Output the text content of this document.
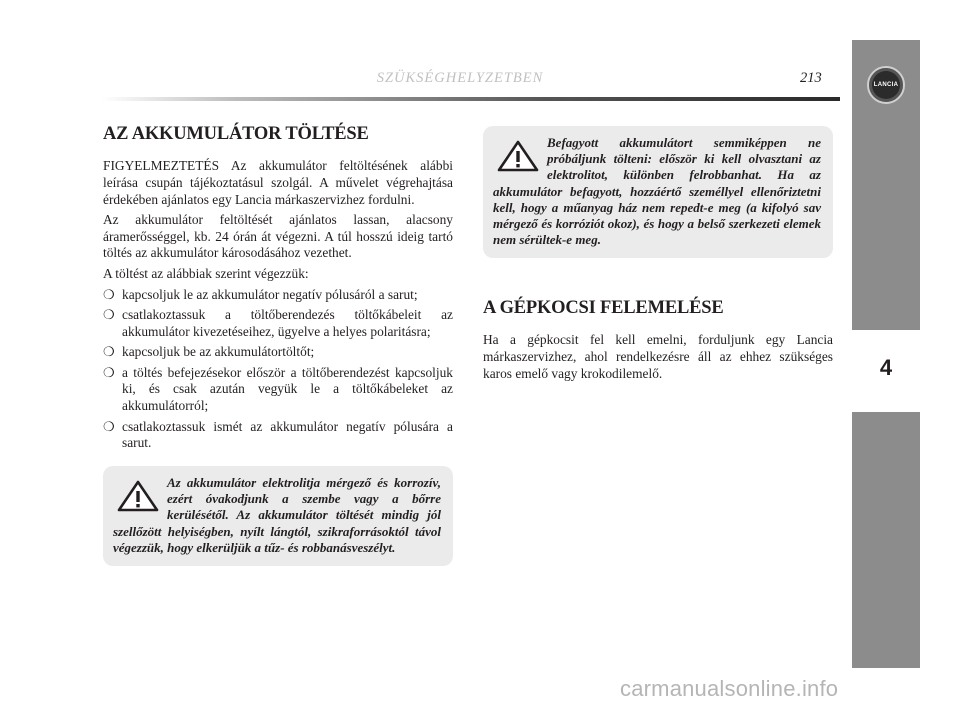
SZÜKSÉGHELYZETBEN	213
4
LANCIA
AZ AKKUMULÁTOR TÖLTÉSE

FIGYELMEZTETÉS Az akkumulátor feltöltésének alábbi leírása csupán tájékoztatásul szolgál. A művelet végrehajtása érdekében ajánlatos egy Lancia márkaszervizhez fordulni.

Az akkumulátor feltöltését ajánlatos lassan, alacsony áramerősséggel, kb. 24 órán át végezni. A túl hosszú ideig tartó töltés az akkumulátor károsodásához vezethet.

A töltést az alábbiak szerint végezzük:

❍ kapcsoljuk le az akkumulátor negatív pólusáról a sarut;
❍ csatlakoztassuk a töltőberendezés töltőkábeleit az akkumulátor kivezetéseihez, ügyelve a helyes polaritásra;
❍ kapcsoljuk be az akkumulátortöltőt;
❍ a töltés befejezésekor először a töltőberendezést kapcsoljuk ki, és csak azután vegyük le a töltőkábeleket az akkumulátorról;
❍ csatlakoztassuk ismét az akkumulátor negatív pólusára a sarut.
Az akkumulátor elektrolitja mérgező és korrozív, ezért óvakodjunk a szembe vagy a bőrre kerülésétől. Az akkumulátor töltését mindig jól szellőzött helyiségben, nyílt lángtól, szikraforrásoktól távol végezzük, hogy elkerüljük a tűz- és robbanásveszélyt.
Befagyott akkumulátort semmiképpen ne próbáljunk tölteni: először ki kell olvasztani az elektrolitot, különben felrobbanhat. Ha az akkumulátor befagyott, hozzáértő személlyel ellenőriztetni kell, hogy a műanyag ház nem repedt-e meg (a kifolyó sav mérgező és korróziót okoz), és hogy a belső szerkezeti elemek nem sérültek-e meg.
A GÉPKOCSI FELEMELÉSE

Ha a gépkocsit fel kell emelni, forduljunk egy Lancia márkaszervizhez, ahol rendelkezésre áll az ehhez szükséges karos emelő vagy krokodilemelő.

carmanualsonline.info
